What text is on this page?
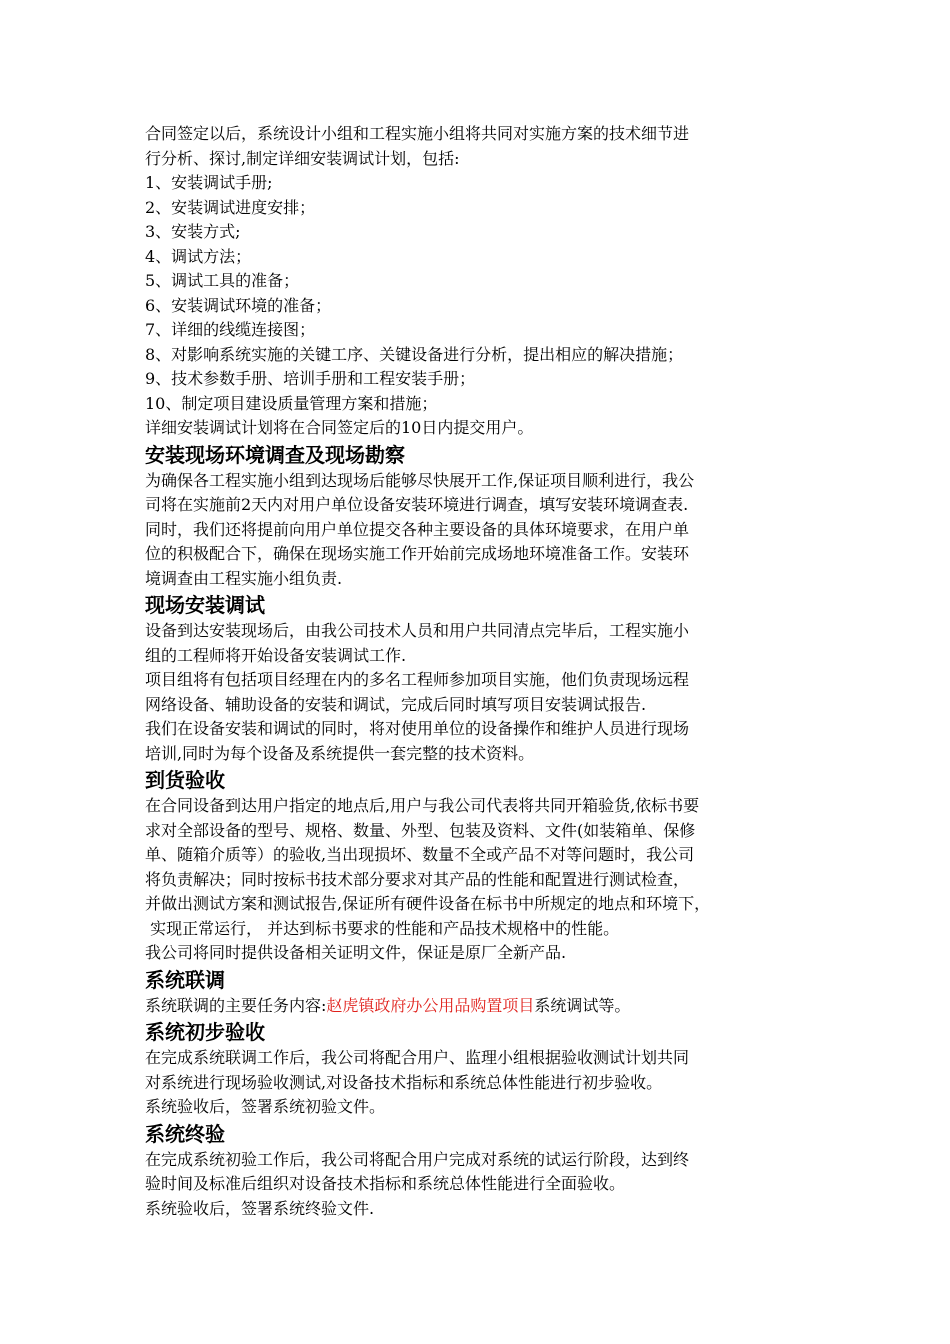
合同签定以后，系统设计小组和工程实施小组将共同对实施方案的技术细节进

行分析、探讨,制定详细安装调试计划，包括:

1、安装调试手册;
2、安装调试进度安排；
3、安装方式;
4、调试方法；
5、调试工具的准备；
6、安装调试环境的准备；
7、详细的线缆连接图；
8、对影响系统实施的关键工序、关键设备进行分析，提出相应的解决措施；
9、技术参数手册、培训手册和工程安装手册；
10、制定项目建设质量管理方案和措施；

详细安装调试计划将在合同签定后的10日内提交用户。

安装现场环境调查及现场勘察

为确保各工程实施小组到达现场后能够尽快展开工作,保证项目顺利进行，我公

司将在实施前2天内对用户单位设备安装环境进行调查，填写安装环境调查表.

同时，我们还将提前向用户单位提交各种主要设备的具体环境要求，在用户单

位的积极配合下，确保在现场实施工作开始前完成场地环境准备工作。安装环

境调查由工程实施小组负责.

现场安装调试

设备到达安装现场后，由我公司技术人员和用户共同清点完毕后，工程实施小

组的工程师将开始设备安装调试工作.

项目组将有包括项目经理在内的多名工程师参加项目实施，他们负责现场远程

网络设备、辅助设备的安装和调试，完成后同时填写项目安装调试报告.

我们在设备安装和调试的同时，将对使用单位的设备操作和维护人员进行现场

培训,同时为每个设备及系统提供一套完整的技术资料。

到货验收

在合同设备到达用户指定的地点后,用户与我公司代表将共同开箱验货,依标书要

求对全部设备的型号、规格、数量、外型、包装及资料、文件(如装箱单、保修

单、随箱介质等）的验收,当出现损坏、数量不全或产品不对等问题时，我公司

将负责解决；同时按标书技术部分要求对其产品的性能和配置进行测试检查，

并做出测试方案和测试报告,保证所有硬件设备在标书中所规定的地点和环境下，

实现正常运行， 并达到标书要求的性能和产品技术规格中的性能。

我公司将同时提供设备相关证明文件，保证是原厂全新产品.

系统联调

系统联调的主要任务内容:赵虎镇政府办公用品购置项目系统调试等。

系统初步验收

在完成系统联调工作后，我公司将配合用户、监理小组根据验收测试计划共同

对系统进行现场验收测试,对设备技术指标和系统总体性能进行初步验收。

系统验收后，签署系统初验文件。

系统终验

在完成系统初验工作后，我公司将配合用户完成对系统的试运行阶段，达到终

验时间及标准后组织对设备技术指标和系统总体性能进行全面验收。

系统验收后，签署系统终验文件.
